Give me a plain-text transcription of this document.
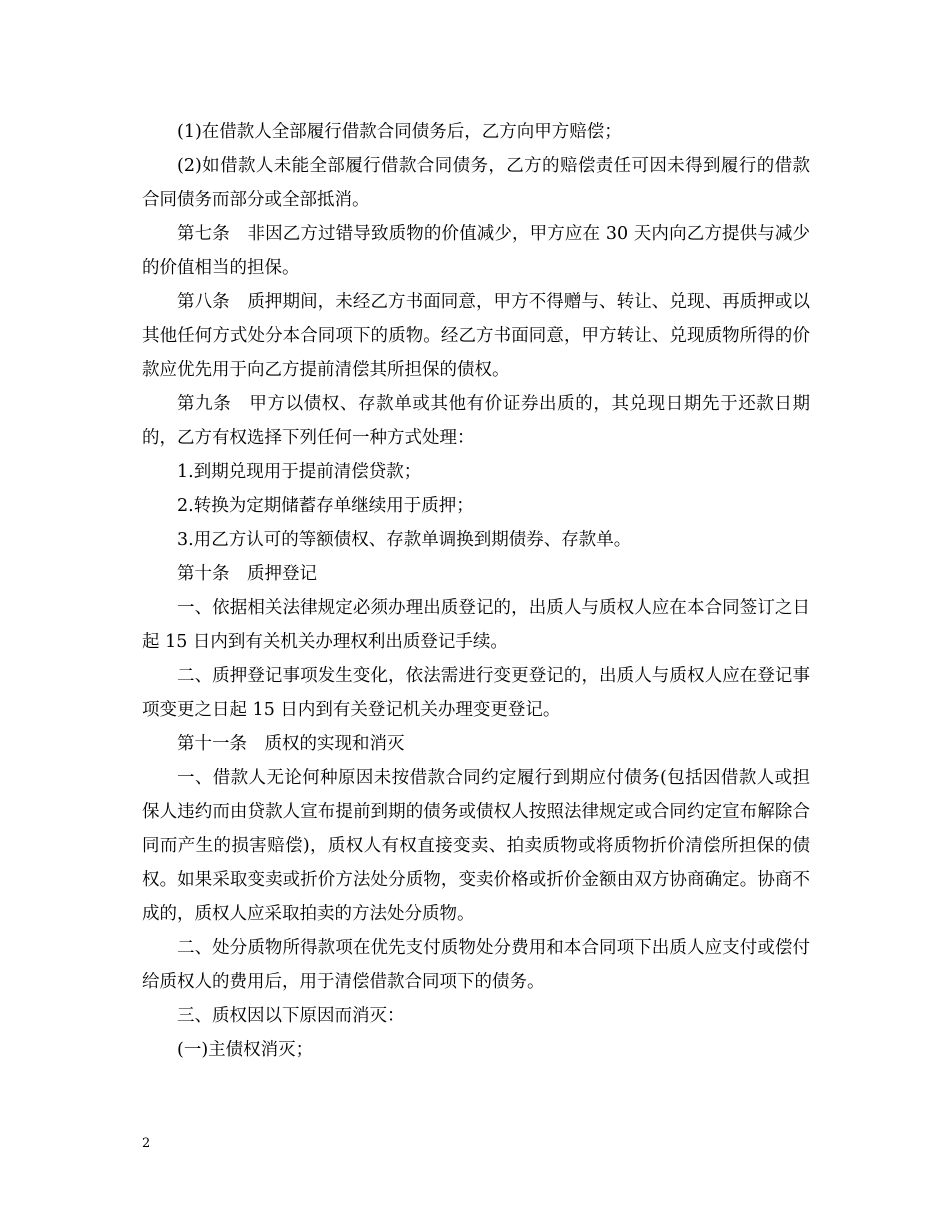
(1)在借款人全部履行借款合同债务后，乙方向甲方赔偿；

(2)如借款人未能全部履行借款合同债务，乙方的赔偿责任可因未得到履行的借款合同债务而部分或全部抵消。

第七条　非因乙方过错导致质物的价值减少，甲方应在 30 天内向乙方提供与减少的价值相当的担保。

第八条　质押期间，未经乙方书面同意，甲方不得赠与、转让、兑现、再质押或以其他任何方式处分本合同项下的质物。经乙方书面同意，甲方转让、兑现质物所得的价款应优先用于向乙方提前清偿其所担保的债权。

第九条　甲方以债权、存款单或其他有价证券出质的，其兑现日期先于还款日期的，乙方有权选择下列任何一种方式处理：

1.到期兑现用于提前清偿贷款；

2.转换为定期储蓄存单继续用于质押；

3.用乙方认可的等额债权、存款单调换到期债券、存款单。

第十条　质押登记

一、依据相关法律规定必须办理出质登记的，出质人与质权人应在本合同签订之日起 15 日内到有关机关办理权利出质登记手续。

二、质押登记事项发生变化，依法需进行变更登记的，出质人与质权人应在登记事项变更之日起 15 日内到有关登记机关办理变更登记。

第十一条　质权的实现和消灭

一、借款人无论何种原因未按借款合同约定履行到期应付债务(包括因借款人或担保人违约而由贷款人宣布提前到期的债务或债权人按照法律规定或合同约定宣布解除合同而产生的损害赔偿)，质权人有权直接变卖、拍卖质物或将质物折价清偿所担保的债权。如果采取变卖或折价方法处分质物，变卖价格或折价金额由双方协商确定。协商不成的，质权人应采取拍卖的方法处分质物。

二、处分质物所得款项在优先支付质物处分费用和本合同项下出质人应支付或偿付给质权人的费用后，用于清偿借款合同项下的债务。

三、质权因以下原因而消灭：

(一)主债权消灭；

2
